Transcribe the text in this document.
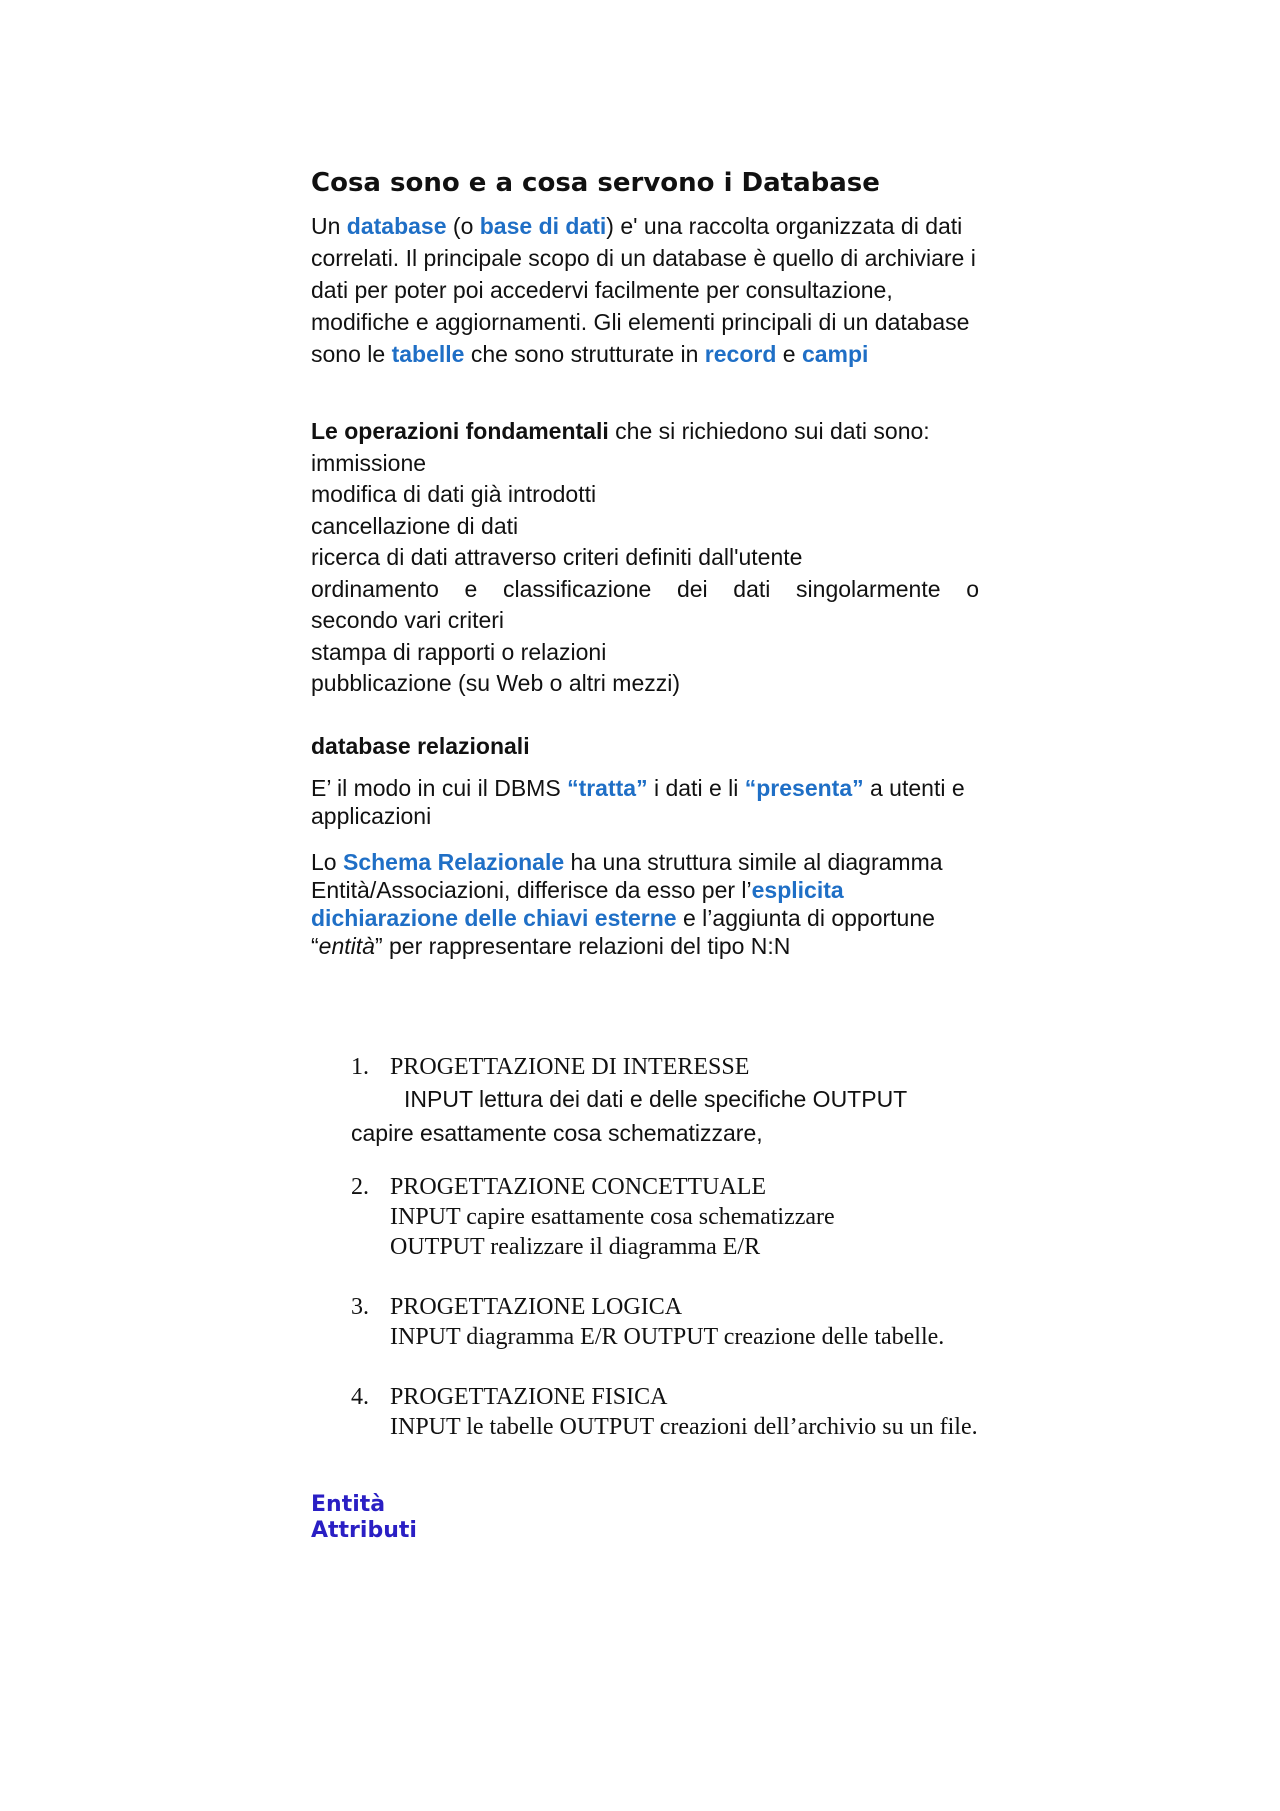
Cosa sono e a cosa servono i Database

Un database (o base di dati) e' una raccolta organizzata di dati correlati. Il principale scopo di un database è quello di archiviare i dati per poter poi accedervi facilmente per consultazione, modifiche e aggiornamenti. Gli elementi principali di un database sono le tabelle che sono strutturate in record e campi

Le operazioni fondamentali che si richiedono sui dati sono:

immissione

modifica di dati già introdotti

cancellazione di dati

ricerca di dati attraverso criteri definiti dall'utente

ordinamento e classificazione dei dati singolarmente o

secondo vari criteri

stampa di rapporti o relazioni

pubblicazione (su Web o altri mezzi)

database relazionali

E’ il modo in cui il DBMS “tratta” i dati e li “presenta” a utenti e applicazioni

Lo Schema Relazionale ha una struttura simile al diagramma Entità/Associazioni, differisce da esso per l’esplicita dichiarazione delle chiavi esterne e l’aggiunta di opportune “entità” per rappresentare relazioni del tipo N:N

1. PROGETTAZIONE DI INTERESSE
INPUT lettura dei dati e delle specifiche OUTPUT
capire esattamente cosa schematizzare,
2. PROGETTAZIONE CONCETTUALE
INPUT capire esattamente cosa schematizzare
OUTPUT realizzare il diagramma E/R
3. PROGETTAZIONE LOGICA
INPUT diagramma E/R OUTPUT creazione delle tabelle.
4. PROGETTAZIONE FISICA
INPUT le tabelle OUTPUT creazioni dell’archivio su un file.
Entità
Attributi
